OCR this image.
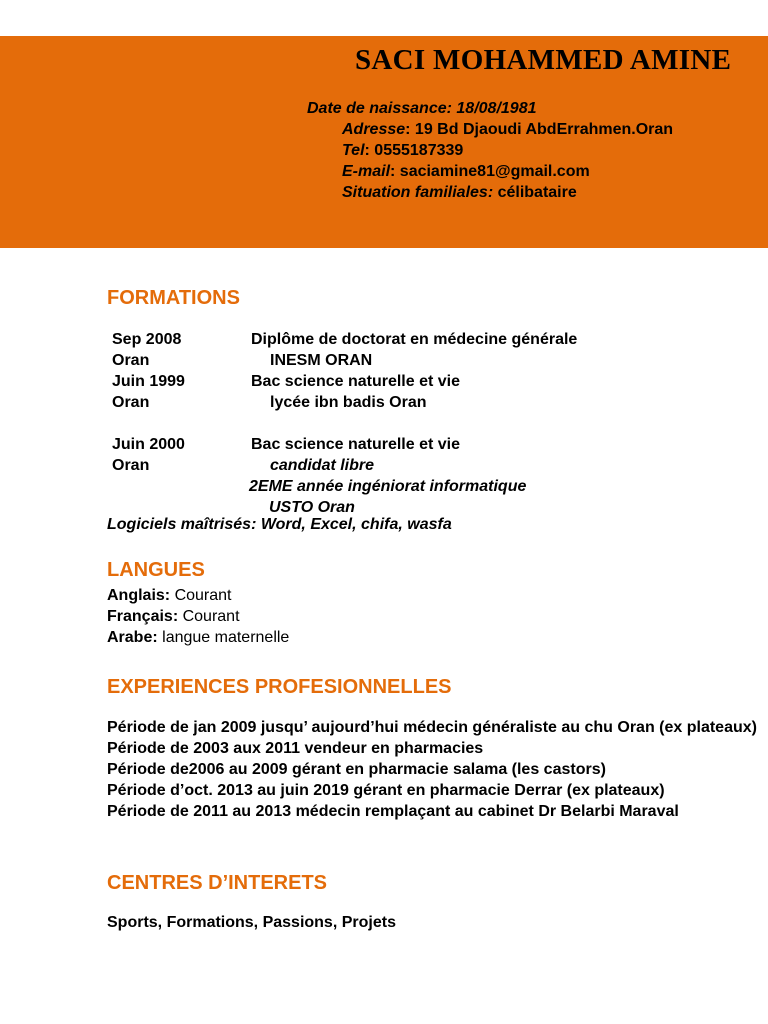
SACI MOHAMMED AMINE
Date de naissance: 18/08/1981
Adresse: 19 Bd Djaoudi AbdErrahmen.Oran
Tel: 0555187339
E-mail: saciamine81@gmail.com
Situation familiales: célibataire
FORMATIONS
Sep 2008	Diplôme de doctorat en médecine générale
Oran	INESM ORAN
Juin 1999	Bac science naturelle et vie
Oran	lycée ibn badis Oran
Juin 2000	Bac science naturelle et vie
Oran	candidat libre
2EME année ingéniorat informatique
USTO Oran
Logiciels maîtrisés: Word, Excel, chifa, wasfa
LANGUES
Anglais: Courant
Français: Courant
Arabe: langue maternelle
EXPERIENCES PROFESIONNELLES
Période de jan 2009 jusqu’ aujourd’hui médecin généraliste au chu Oran (ex plateaux)
Période de 2003 aux 2011 vendeur en pharmacies
Période de2006 au 2009 gérant en pharmacie salama (les castors)
Période d’oct. 2013 au juin 2019 gérant en pharmacie Derrar (ex plateaux)
Période de 2011 au 2013 médecin remplaçant au cabinet Dr Belarbi Maraval
CENTRES D’INTERETS
Sports, Formations, Passions, Projets
